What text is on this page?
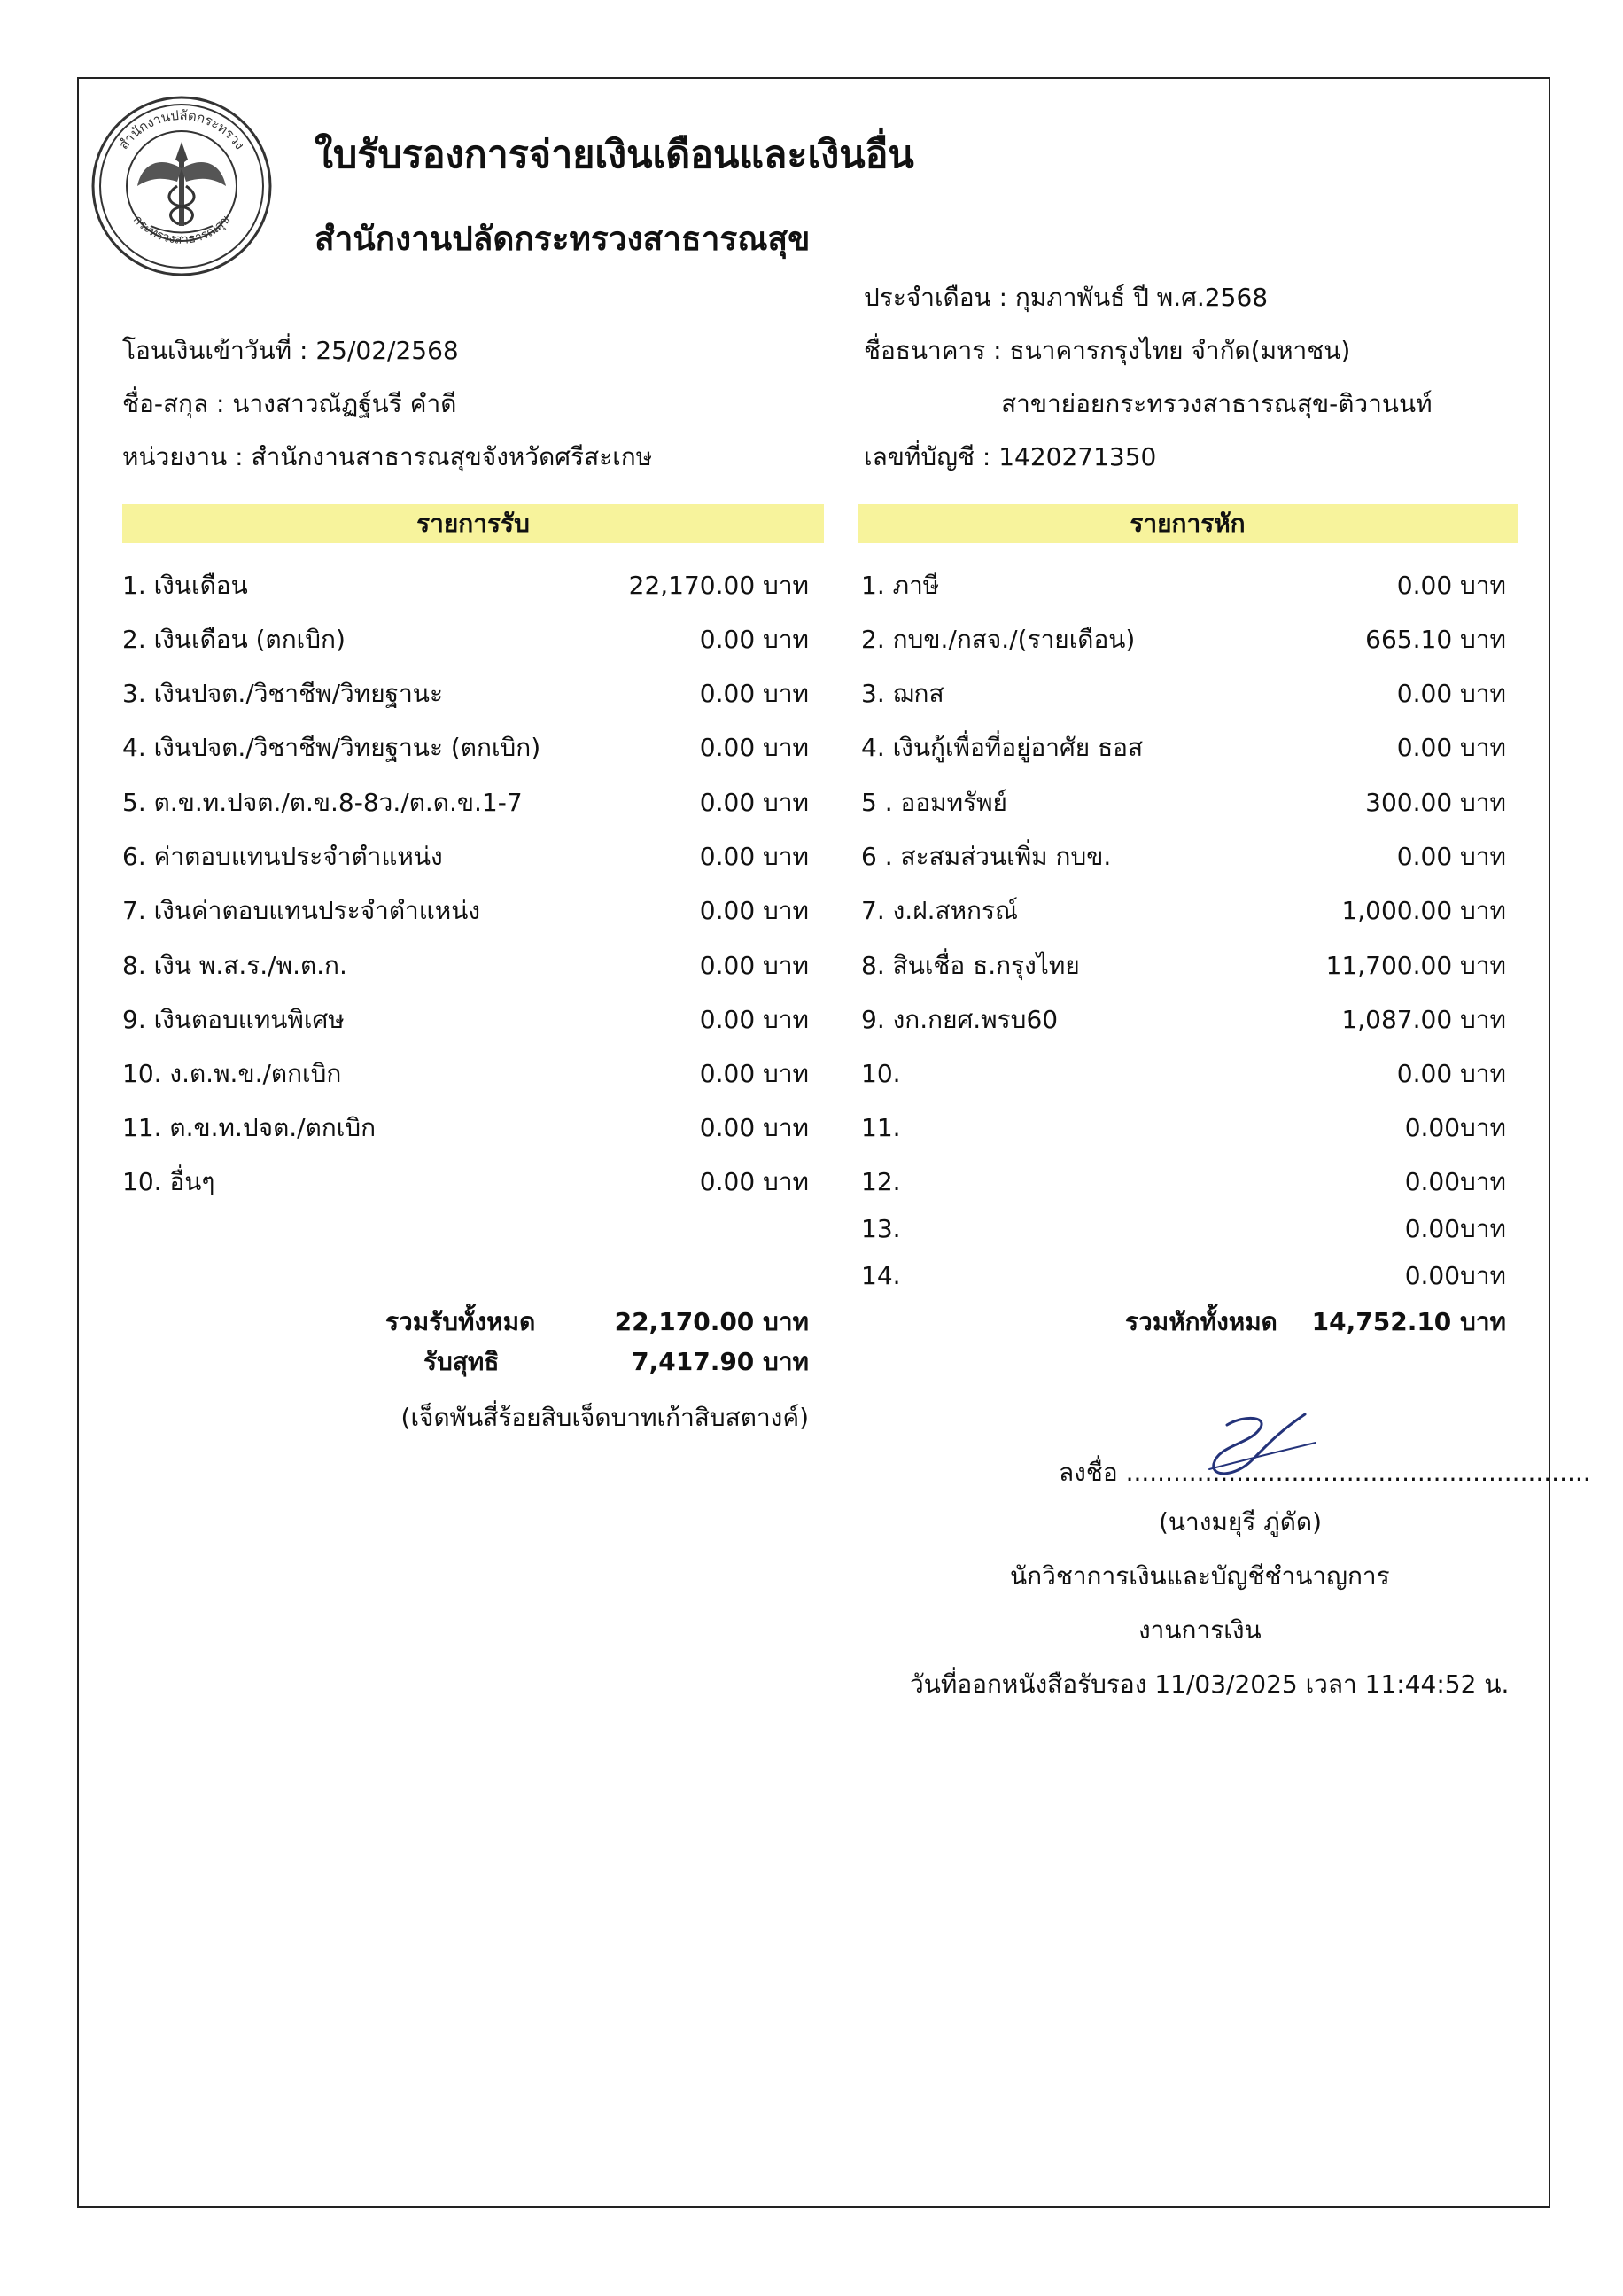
สำนักงานปลัดกระทรวง
กระทรวงสาธารณสุข
ใบรับรองการจ่ายเงินเดือนและเงินอื่น
สำนักงานปลัดกระทรวงสาธารณสุข
โอนเงินเข้าวันที่ : 25/02/2568
ชื่อ-สกุล : นางสาวณัฏฐ์นรี คำดี
หน่วยงาน : สำนักงานสาธารณสุขจังหวัดศรีสะเกษ
ประจำเดือน : กุมภาพันธ์ ปี พ.ศ.2568
ชื่อธนาคาร : ธนาคารกรุงไทย จำกัด(มหาชน)
สาขาย่อยกระทรวงสาธารณสุข-ติวานนท์
เลขที่บัญชี : 1420271350
รายการรับ	รายการหัก
1. เงินเดือน	22,170.00 บาท
2. เงินเดือน (ตกเบิก)	0.00 บาท
3. เงินปจต./วิชาชีพ/วิทยฐานะ	0.00 บาท
4. เงินปจต./วิชาชีพ/วิทยฐานะ (ตกเบิก)	0.00 บาท
5. ต.ข.ท.ปจต./ต.ข.8-8ว./ต.ด.ข.1-7	0.00 บาท
6. ค่าตอบแทนประจำตำแหน่ง	0.00 บาท
7. เงินค่าตอบแทนประจำตำแหน่ง	0.00 บาท
8. เงิน พ.ส.ร./พ.ต.ก.	0.00 บาท
9. เงินตอบแทนพิเศษ	0.00 บาท
10. ง.ต.พ.ข./ตกเบิก	0.00 บาท
11. ต.ข.ท.ปจต./ตกเบิก	0.00 บาท
10. อื่นๆ	0.00 บาท
1. ภาษี	0.00 บาท
2. กบข./กสจ./(รายเดือน)	665.10 บาท
3. ฌกส	0.00 บาท
4. เงินกู้เพื่อที่อยู่อาศัย ธอส	0.00 บาท
5 . ออมทรัพย์	300.00 บาท
6 . สะสมส่วนเพิ่ม กบข.	0.00 บาท
7. ง.ฝ.สหกรณ์	1,000.00 บาท
8. สินเชื่อ ธ.กรุงไทย	11,700.00 บาท
9. งก.กยศ.พรบ60	1,087.00 บาท
10.	0.00 บาท
11.	0.00บาท
12.	0.00บาท
13.	0.00บาท
14.	0.00บาท
รวมรับทั้งหมด	22,170.00 บาท
รับสุทธิ	7,417.90 บาท
(เจ็ดพันสี่ร้อยสิบเจ็ดบาทเก้าสิบสตางค์)
รวมหักทั้งหมด 14,752.10 บาท
ลงชื่อ ...........................................................
(นางมยุรี ภู่ดัด)
นักวิชาการเงินและบัญชีชำนาญการ
งานการเงิน
วันที่ออกหนังสือรับรอง 11/03/2025 เวลา 11:44:52 น.
